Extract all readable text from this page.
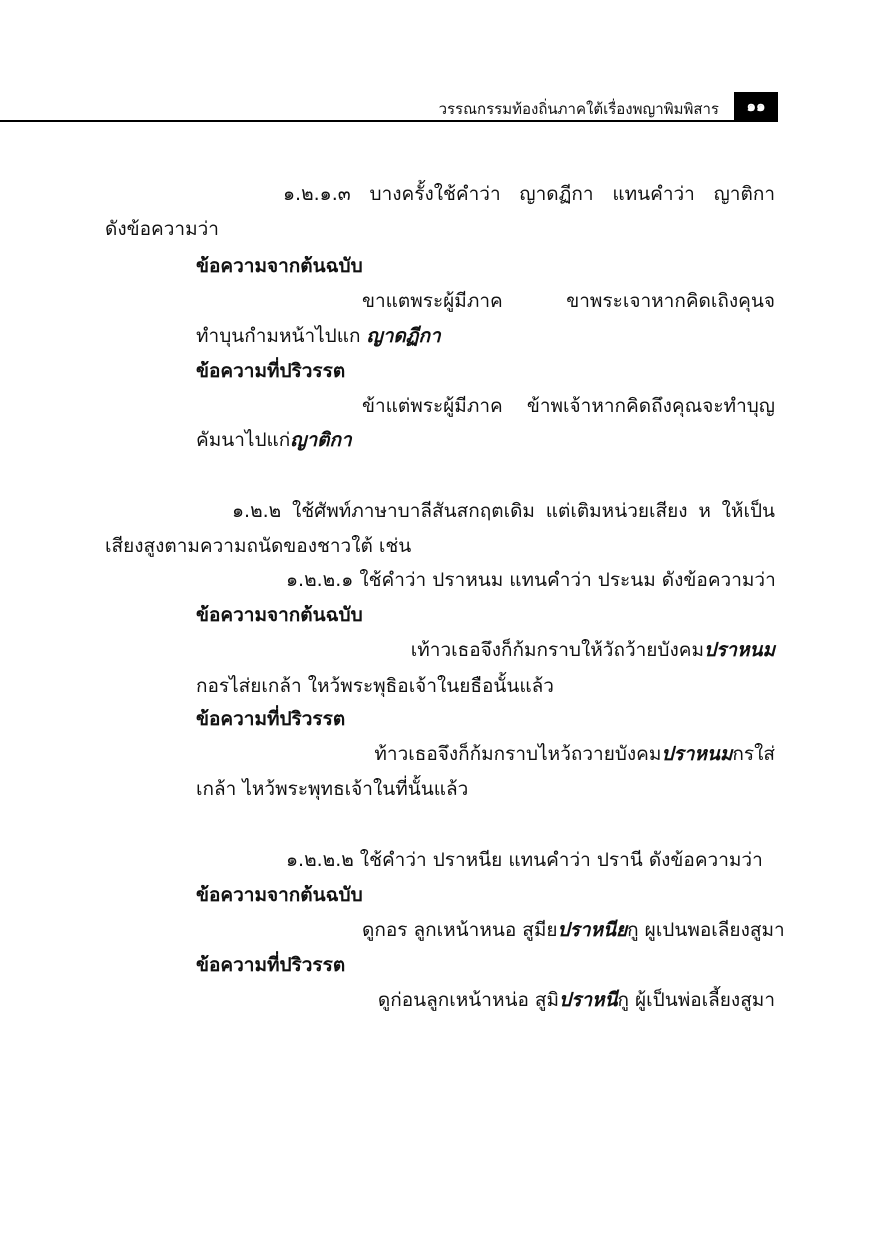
วรรณกรรมท้องถิ่นภาคใต้เรื่องพญาพิมพิสาร	๑๑
๑.๒.๑.๓ บางครั้งใช้คำว่า ญาดฏีกา แทนคำว่า ญาติกา
ดังข้อความว่า
ข้อความจากต้นฉบับ
ขาแตพระผู้มีภาค ขาพระเจาหากคิดเถิงคุนจ
ทำบุนกำมหน้าไปแก ญาดฏีกา
ข้อความที่ปริวรรต
ข้าแต่พระผู้มีภาค ข้าพเจ้าหากคิดถึงคุณจะทำบุญ
คัมนาไปแก่ญาติกา
๑.๒.๒ ใช้ศัพท์ภาษาบาลีสันสกฤตเดิม แต่เติมหน่วยเสียง ห ให้เป็น
เสียงสูงตามความถนัดของชาวใต้ เช่น
๑.๒.๒.๑ ใช้คำว่า ปราหนม แทนคำว่า ประนม ดังข้อความว่า
ข้อความจากต้นฉบับ
เท้าวเธอจึงก็ก้มกราบให้วัถว้ายบังคมปราหนม
กอรไส่ยเกล้า ใหว้พระพุธิอเจ้าในยธือนั้นแล้ว
ข้อความที่ปริวรรต
ท้าวเธอจึงก็ก้มกราบไหว้ถวายบังคมปราหนมกรใส่
เกล้า ไหว้พระพุทธเจ้าในที่นั้นแล้ว
๑.๒.๒.๒ ใช้คำว่า ปราหนีย แทนคำว่า ปรานี ดังข้อความว่า
ข้อความจากต้นฉบับ
ดูกอร ลูกเหน้าหนอ สูมียปราหนียกู ผูเปนพอเลียงสูมา
ข้อความที่ปริวรรต
ดูก่อนลูกเหน้าหน่อ สูมิปราหนีกู ผู้เป็นพ่อเลี้ยงสูมา
